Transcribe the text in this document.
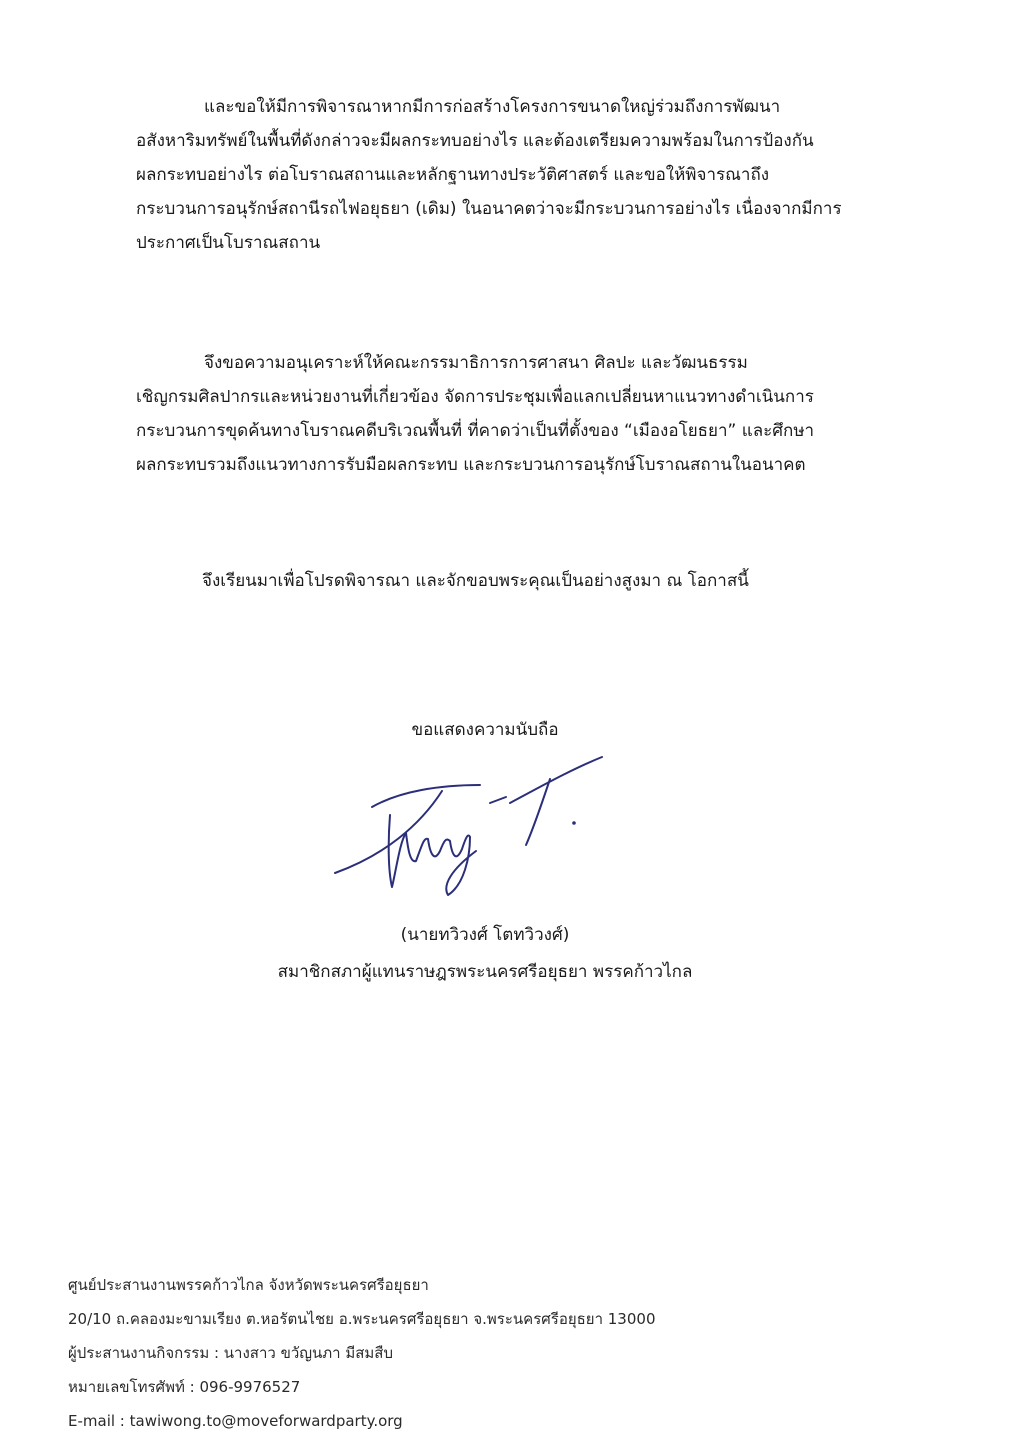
และขอให้มีการพิจารณาหากมีการก่อสร้างโครงการขนาดใหญ่ร่วมถึงการพัฒนา
อสังหาริมทรัพย์ในพื้นที่ดังกล่าวจะมีผลกระทบอย่างไร และต้องเตรียมความพร้อมในการป้องกัน
ผลกระทบอย่างไร ต่อโบราณสถานและหลักฐานทางประวัติศาสตร์ และขอให้พิจารณาถึง
กระบวนการอนุรักษ์สถานีรถไฟอยุธยา (เดิม) ในอนาคตว่าจะมีกระบวนการอย่างไร เนื่องจากมีการ
ประกาศเป็นโบราณสถาน
จึงขอความอนุเคราะห์ให้คณะกรรมาธิการการศาสนา ศิลปะ และวัฒนธรรม
เชิญกรมศิลปากรและหน่วยงานที่เกี่ยวข้อง จัดการประชุมเพื่อแลกเปลี่ยนหาแนวทางดำเนินการ
กระบวนการขุดค้นทางโบราณคดีบริเวณพื้นที่ ที่คาดว่าเป็นที่ตั้งของ “เมืองอโยธยา” และศึกษา
ผลกระทบรวมถึงแนวทางการรับมือผลกระทบ และกระบวนการอนุรักษ์โบราณสถานในอนาคต
จึงเรียนมาเพื่อโปรดพิจารณา และจักขอบพระคุณเป็นอย่างสูงมา ณ โอกาสนี้
ขอแสดงความนับถือ
(นายทวิวงศ์ โตทวิวงศ์)
สมาชิกสภาผู้แทนราษฎรพระนครศรีอยุธยา พรรคก้าวไกล
ศูนย์ประสานงานพรรคก้าวไกล จังหวัดพระนครศรีอยุธยา
20/10 ถ.คลองมะขามเรียง ต.หอรัตนไชย อ.พระนครศรีอยุธยา จ.พระนครศรีอยุธยา 13000
ผู้ประสานงานกิจกรรม : นางสาว ขวัญนภา มีสมสืบ
หมายเลขโทรศัพท์ : 096-9976527
E-mail : tawiwong.to@moveforwardparty.org
